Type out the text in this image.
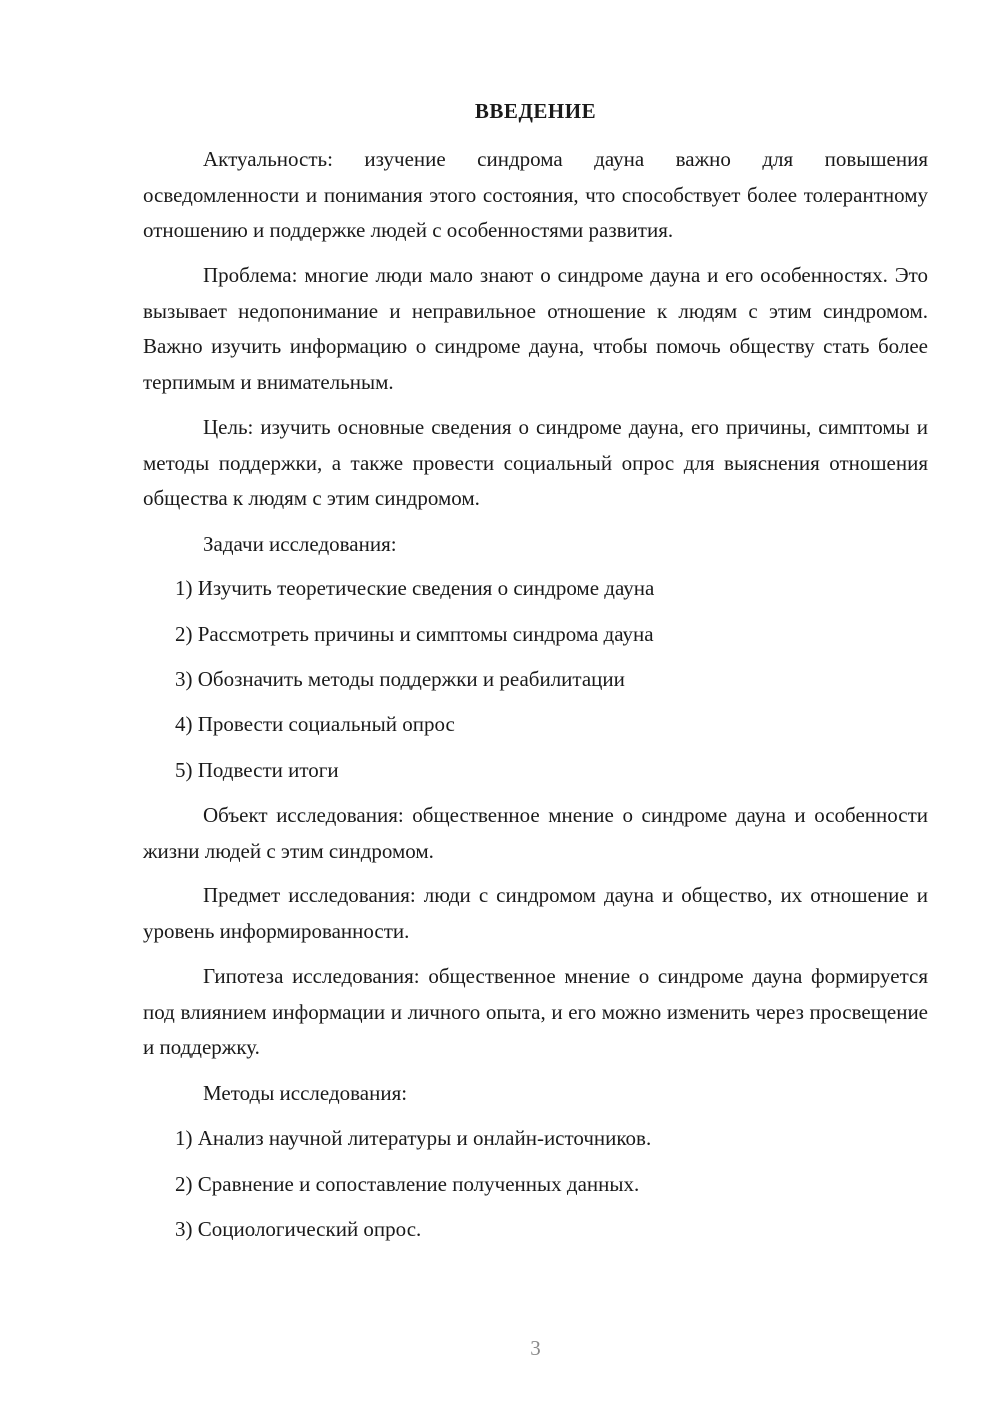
ВВЕДЕНИЕ

Актуальность: изучение синдрома дауна важно для повышения осведомленности и понимания этого состояния, что способствует более толерантному отношению и поддержке людей с особенностями развития.

Проблема: многие люди мало знают о синдроме дауна и его особенностях. Это вызывает недопонимание и неправильное отношение к людям с этим синдромом. Важно изучить информацию о синдроме дауна, чтобы помочь обществу стать более терпимым и внимательным.

Цель: изучить основные сведения о синдроме дауна, его причины, симптомы и методы поддержки, а также провести социальный опрос для выяснения отношения общества к людям с этим синдромом.

Задачи исследования:
1) Изучить теоретические сведения о синдроме дауна
2) Рассмотреть причины и симптомы синдрома дауна
3) Обозначить методы поддержки и реабилитации
4) Провести социальный опрос
5) Подвести итоги

Объект исследования: общественное мнение о синдроме дауна и особенности жизни людей с этим синдромом.

Предмет исследования: люди с синдромом дауна и общество, их отношение и уровень информированности.

Гипотеза исследования: общественное мнение о синдроме дауна формируется под влиянием информации и личного опыта, и его можно изменить через просвещение и поддержку.

Методы исследования:
1) Анализ научной литературы и онлайн-источников.
2) Сравнение и сопоставление полученных данных.
3) Социологический опрос.
3
